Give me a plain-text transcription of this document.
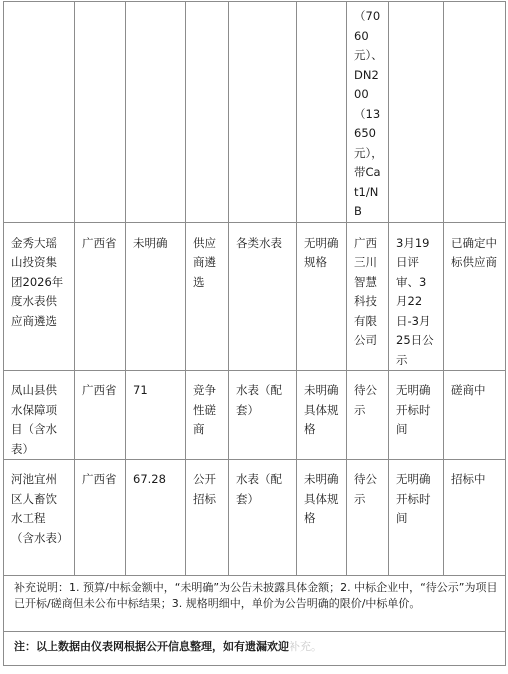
						（7060元）、DN200（13650元），带Cat1/NB		

金秀大瑶山投资集团2026年度水表供应商遴选	广西省	未明确	供应商遴选	各类水表	无明确规格	广西三川智慧科技有限公司	3月19日评审、3月22日-3月25日公示	已确定中标供应商

凤山县供水保障项目（含水表）	广西省	71	竞争性磋商	水表（配套）	未明确具体规格	待公示	无明确开标时间	磋商中

河池宜州区人畜饮水工程（含水表）	广西省	67.28	公开招标	水表（配套）	未明确具体规格	待公示	无明确开标时间	招标中

补充说明：1. 预算/中标金额中，“未明确”为公告未披露具体金额；2. 中标企业中，“待公示”为项目已开标/磋商但未公布中标结果；3. 规格明细中，单价为公告明确的限价/中标单价。								

注：以上数据由仪表网根据公开信息整理，如有遗漏欢迎补充。								
